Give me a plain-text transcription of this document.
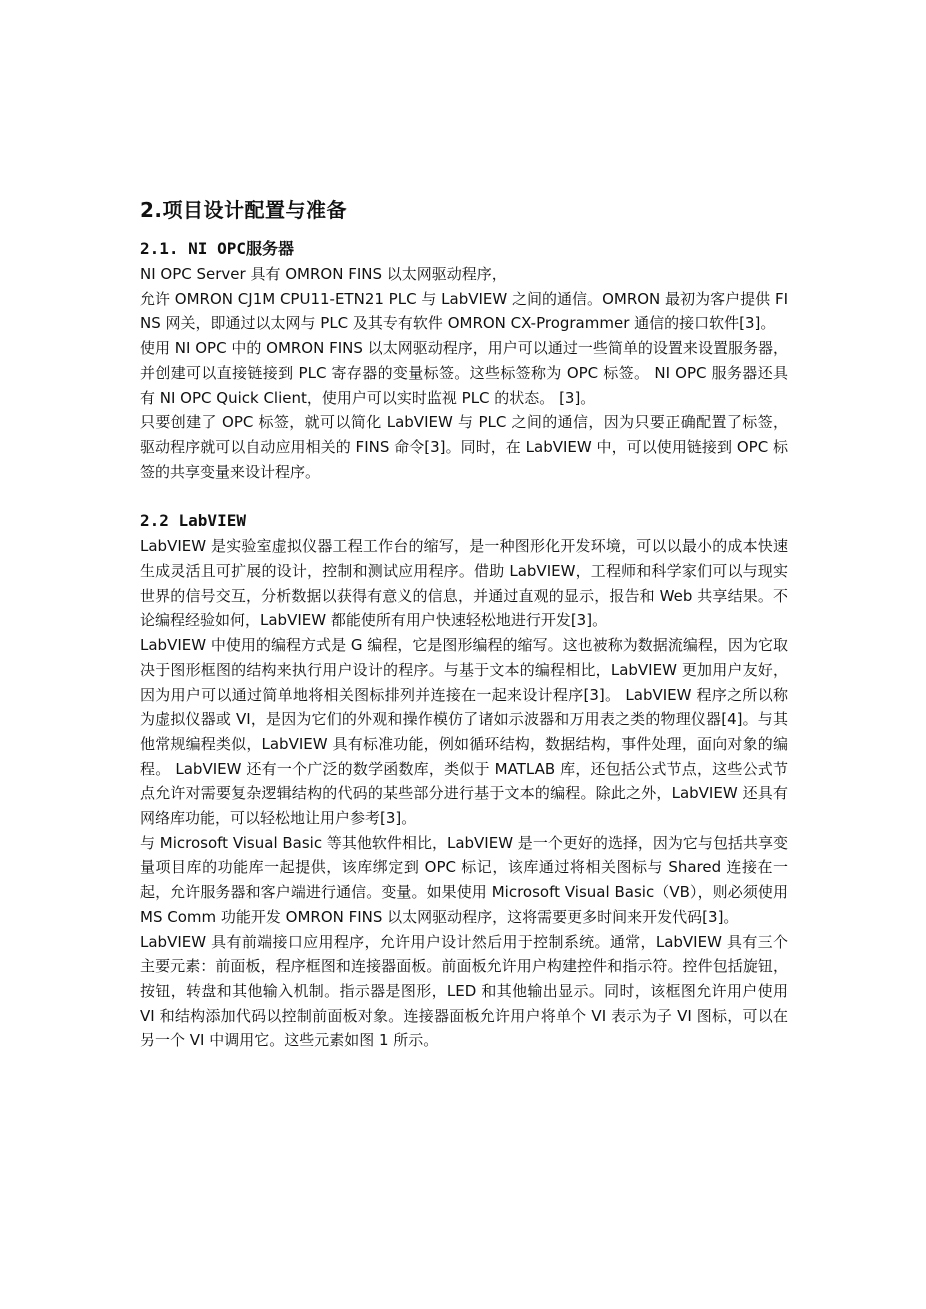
2.项目设计配置与准备
2.1. NI OPC服务器

NI OPC Server 具有 OMRON FINS 以太网驱动程序，

允许 OMRON CJ1M CPU11-ETN21 PLC 与 LabVIEW 之间的通信。OMRON 最初为客户提供 FINS 网关，即通过以太网与 PLC 及其专有软件 OMRON CX-Programmer 通信的接口软件[3]。

使用 NI OPC 中的 OMRON FINS 以太网驱动程序，用户可以通过一些简单的设置来设置服务器，并创建可以直接链接到 PLC 寄存器的变量标签。这些标签称为 OPC 标签。 NI OPC 服务器还具有 NI OPC Quick Client，使用户可以实时监视 PLC 的状态。 [3]。

只要创建了 OPC 标签，就可以简化 LabVIEW 与 PLC 之间的通信，因为只要正确配置了标签，驱动程序就可以自动应用相关的 FINS 命令[3]。同时，在 LabVIEW 中，可以使用链接到 OPC 标签的共享变量来设计程序。

2.2 LabVIEW

LabVIEW 是实验室虚拟仪器工程工作台的缩写，是一种图形化开发环境，可以以最小的成本快速生成灵活且可扩展的设计，控制和测试应用程序。借助 LabVIEW，工程师和科学家们可以与现实世界的信号交互，分析数据以获得有意义的信息，并通过直观的显示，报告和 Web 共享结果。不论编程经验如何，LabVIEW 都能使所有用户快速轻松地进行开发[3]。

LabVIEW 中使用的编程方式是 G 编程，它是图形编程的缩写。这也被称为数据流编程，因为它取决于图形框图的结构来执行用户设计的程序。与基于文本的编程相比，LabVIEW 更加用户友好，因为用户可以通过简单地将相关图标排列并连接在一起来设计程序[3]。 LabVIEW 程序之所以称为虚拟仪器或 VI，是因为它们的外观和操作模仿了诸如示波器和万用表之类的物理仪器[4]。与其他常规编程类似，LabVIEW 具有标准功能，例如循环结构，数据结构，事件处理，面向对象的编程。 LabVIEW 还有一个广泛的数学函数库，类似于 MATLAB 库，还包括公式节点，这些公式节点允许对需要复杂逻辑结构的代码的某些部分进行基于文本的编程。除此之外，LabVIEW 还具有网络库功能，可以轻松地让用户参考[3]。

与 Microsoft Visual Basic 等其他软件相比，LabVIEW 是一个更好的选择，因为它与包括共享变量项目库的功能库一起提供，该库绑定到 OPC 标记，该库通过将相关图标与 Shared 连接在一起，允许服务器和客户端进行通信。变量。如果使用 Microsoft Visual Basic（VB），则必须使用 MS Comm 功能开发 OMRON FINS 以太网驱动程序，这将需要更多时间来开发代码[3]。

LabVIEW 具有前端接口应用程序，允许用户设计然后用于控制系统。通常，LabVIEW 具有三个主要元素：前面板，程序框图和连接器面板。前面板允许用户构建控件和指示符。控件包括旋钮，按钮，转盘和其他输入机制。指示器是图形，LED 和其他输出显示。同时，该框图允许用户使用 VI 和结构添加代码以控制前面板对象。连接器面板允许用户将单个 VI 表示为子 VI 图标，可以在另一个 VI 中调用它。这些元素如图 1 所示。
